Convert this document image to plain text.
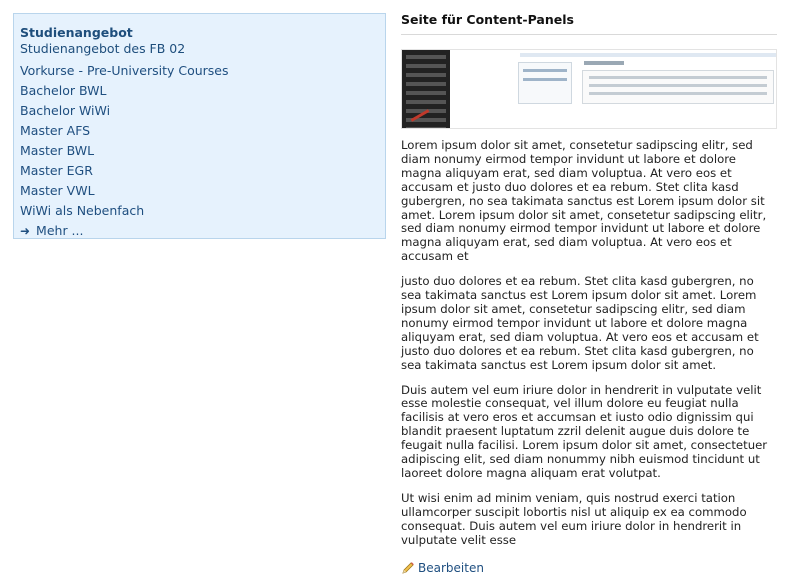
Studienangebot
Studienangebot des FB 02
Vorkurse - Pre-University Courses
Bachelor BWL
Bachelor WiWi
Master AFS
Master BWL
Master EGR
Master VWL
WiWi als Nebenfach
➜ Mehr ...
Seite für Content-Panels

Lorem ipsum dolor sit amet, consetetur sadipscing elitr, sed diam nonumy eirmod tempor invidunt ut labore et dolore magna aliquyam erat, sed diam voluptua. At vero eos et accusam et justo duo dolores et ea rebum. Stet clita kasd gubergren, no sea takimata sanctus est Lorem ipsum dolor sit amet. Lorem ipsum dolor sit amet, consetetur sadipscing elitr, sed diam nonumy eirmod tempor invidunt ut labore et dolore magna aliquyam erat, sed diam voluptua. At vero eos et accusam et

justo duo dolores et ea rebum. Stet clita kasd gubergren, no sea takimata sanctus est Lorem ipsum dolor sit amet. Lorem ipsum dolor sit amet, consetetur sadipscing elitr, sed diam nonumy eirmod tempor invidunt ut labore et dolore magna aliquyam erat, sed diam voluptua. At vero eos et accusam et justo duo dolores et ea rebum. Stet clita kasd gubergren, no sea takimata sanctus est Lorem ipsum dolor sit amet.

Duis autem vel eum iriure dolor in hendrerit in vulputate velit esse molestie consequat, vel illum dolore eu feugiat nulla facilisis at vero eros et accumsan et iusto odio dignissim qui blandit praesent luptatum zzril delenit augue duis dolore te feugait nulla facilisi. Lorem ipsum dolor sit amet, consectetuer adipiscing elit, sed diam nonummy nibh euismod tincidunt ut laoreet dolore magna aliquam erat volutpat.

Ut wisi enim ad minim veniam, quis nostrud exerci tation ullamcorper suscipit lobortis nisl ut aliquip ex ea commodo consequat. Duis autem vel eum iriure dolor in hendrerit in vulputate velit esse

Bearbeiten
